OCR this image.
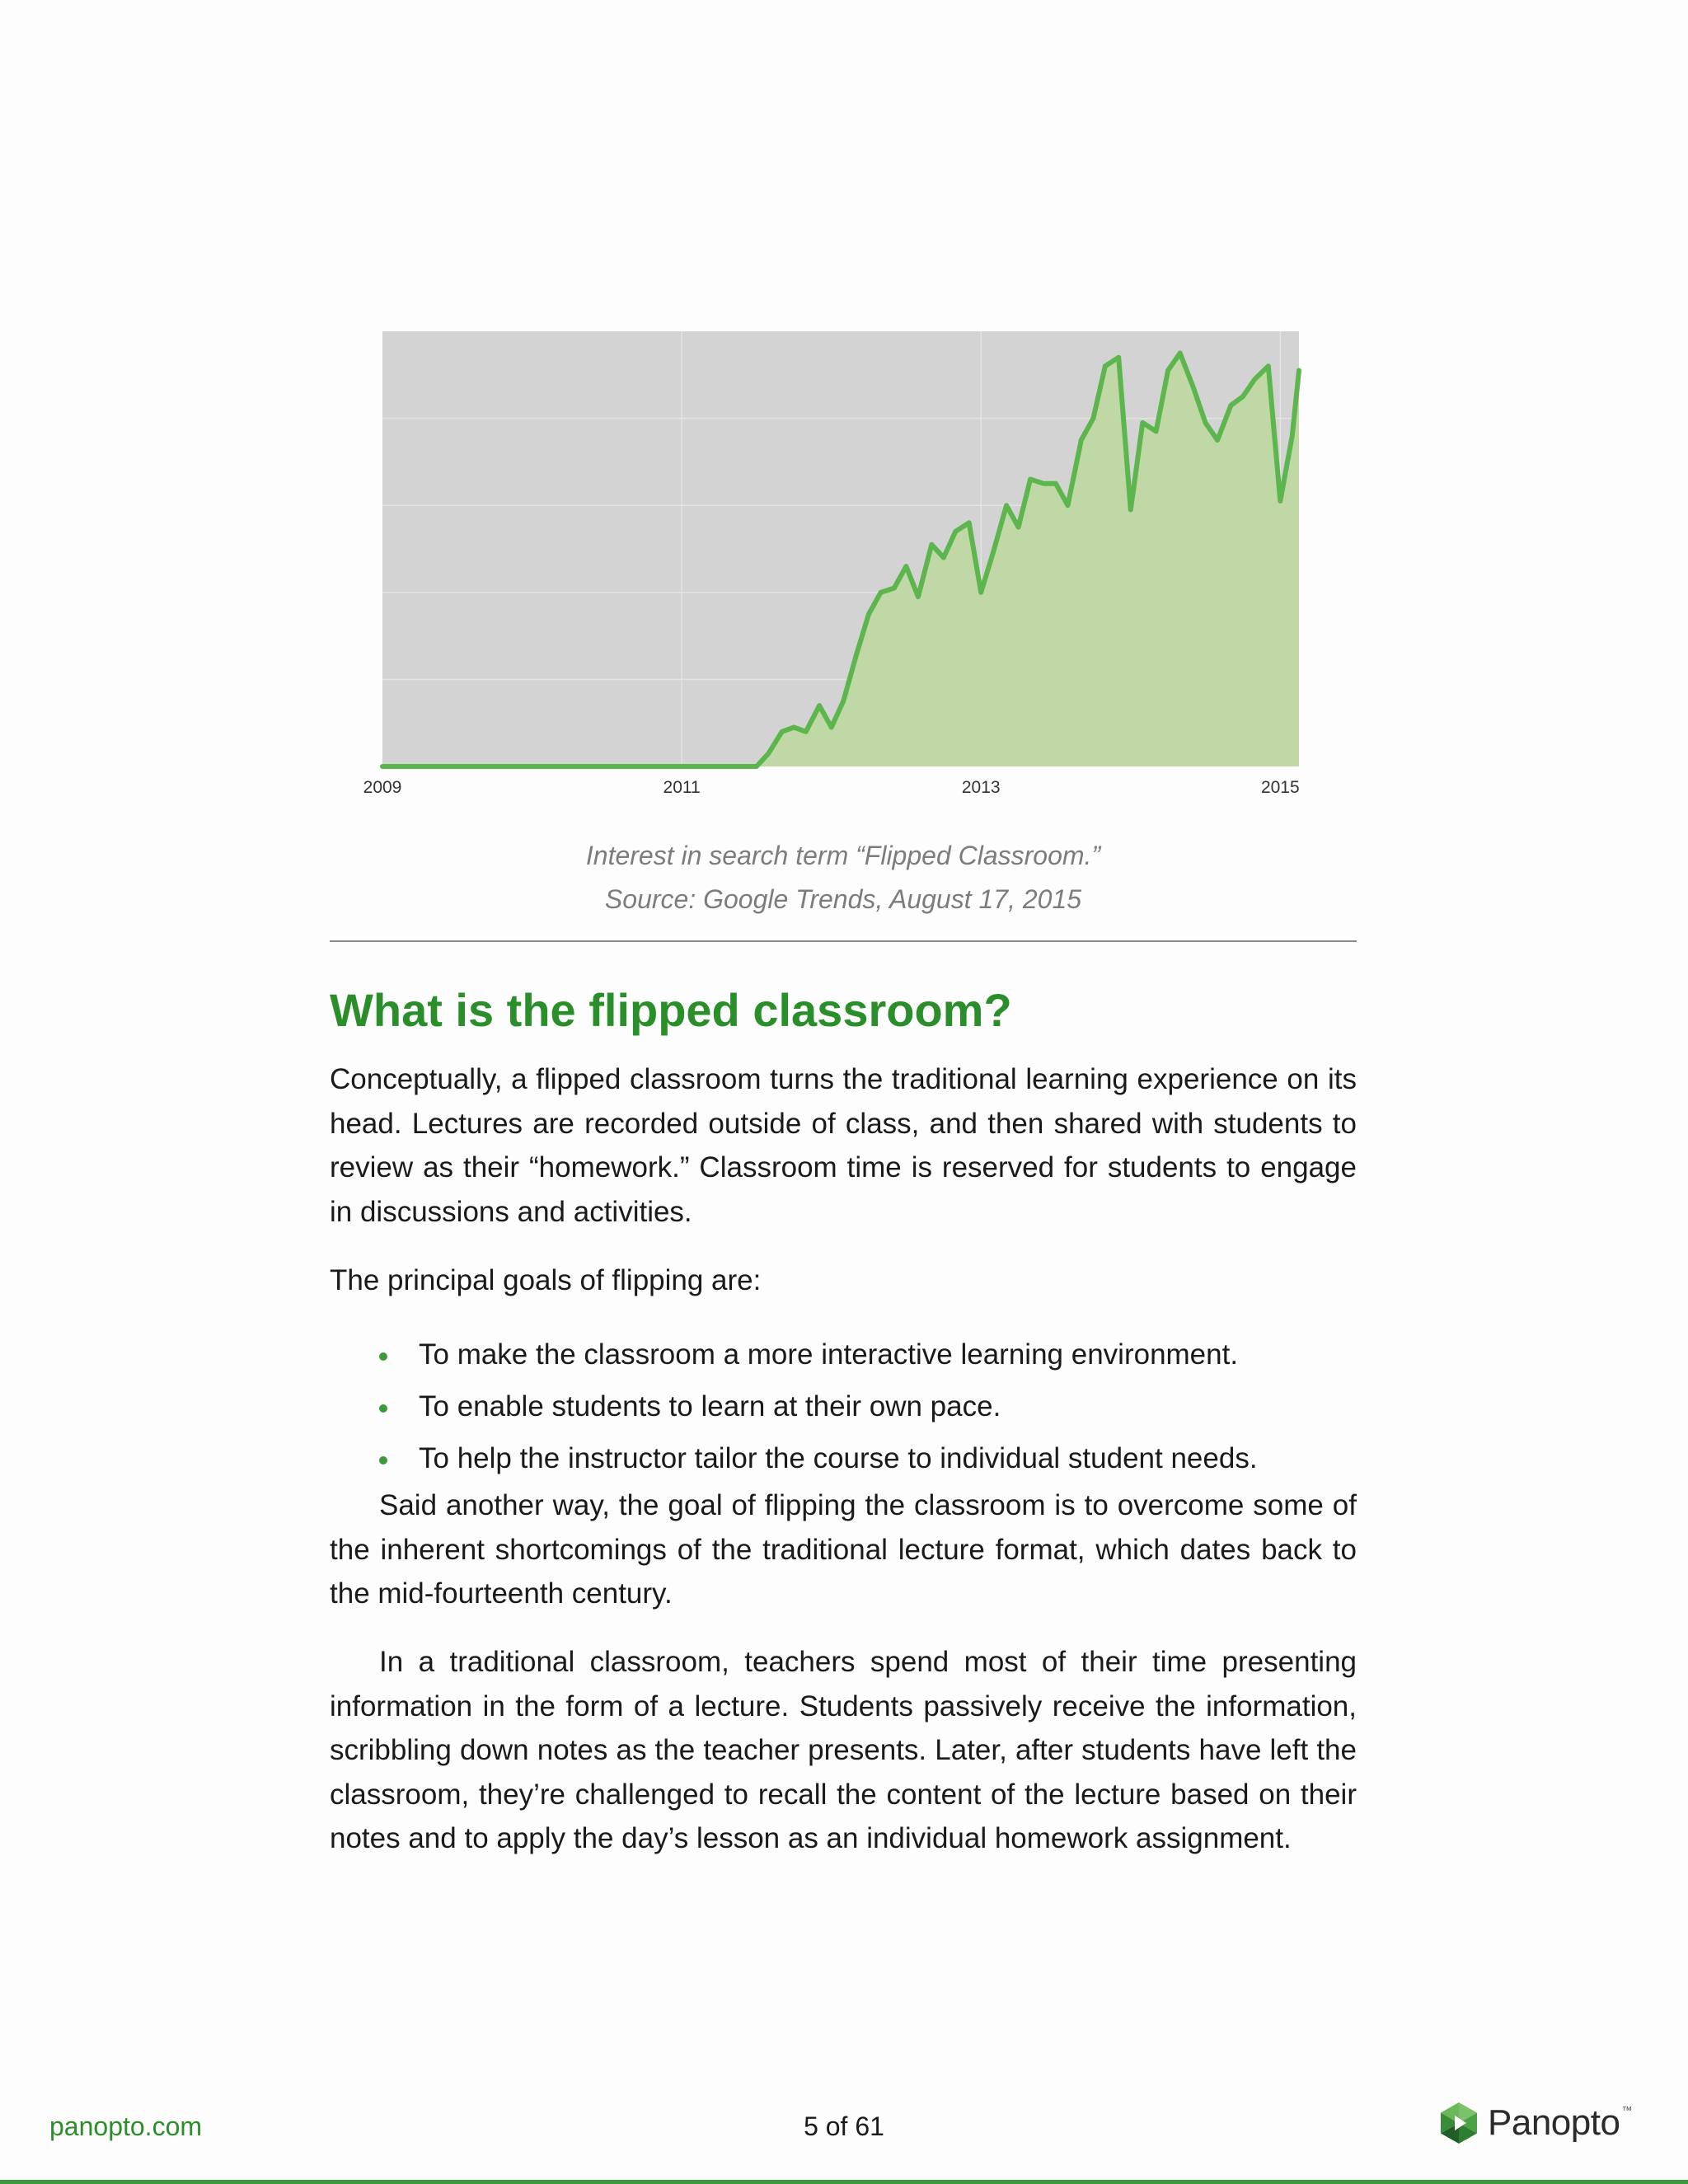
2009	2011	2013	2015
Interest in search term “Flipped Classroom.”
Source: Google Trends, August 17, 2015
What is the flipped classroom?

Conceptually, a flipped classroom turns the traditional learning experience on its head. Lectures are recorded outside of class, and then shared with students to review as their “homework.” Classroom time is reserved for students to engage in discussions and activities.

The principal goals of flipping are:

To make the classroom a more interactive learning environment.
To enable students to learn at their own pace.
To help the instructor tailor the course to individual student needs.

Said another way, the goal of flipping the classroom is to overcome some of the inherent shortcomings of the traditional lecture format, which dates back to the mid-fourteenth century.

In a traditional classroom, teachers spend most of their time presenting information in the form of a lecture. Students passively receive the information, scribbling down notes as the teacher presents. Later, after students have left the classroom, they’re challenged to recall the content of the lecture based on their notes and to apply the day’s lesson as an individual homework assignment.

panopto.com	5 of 61	Panopto ™
